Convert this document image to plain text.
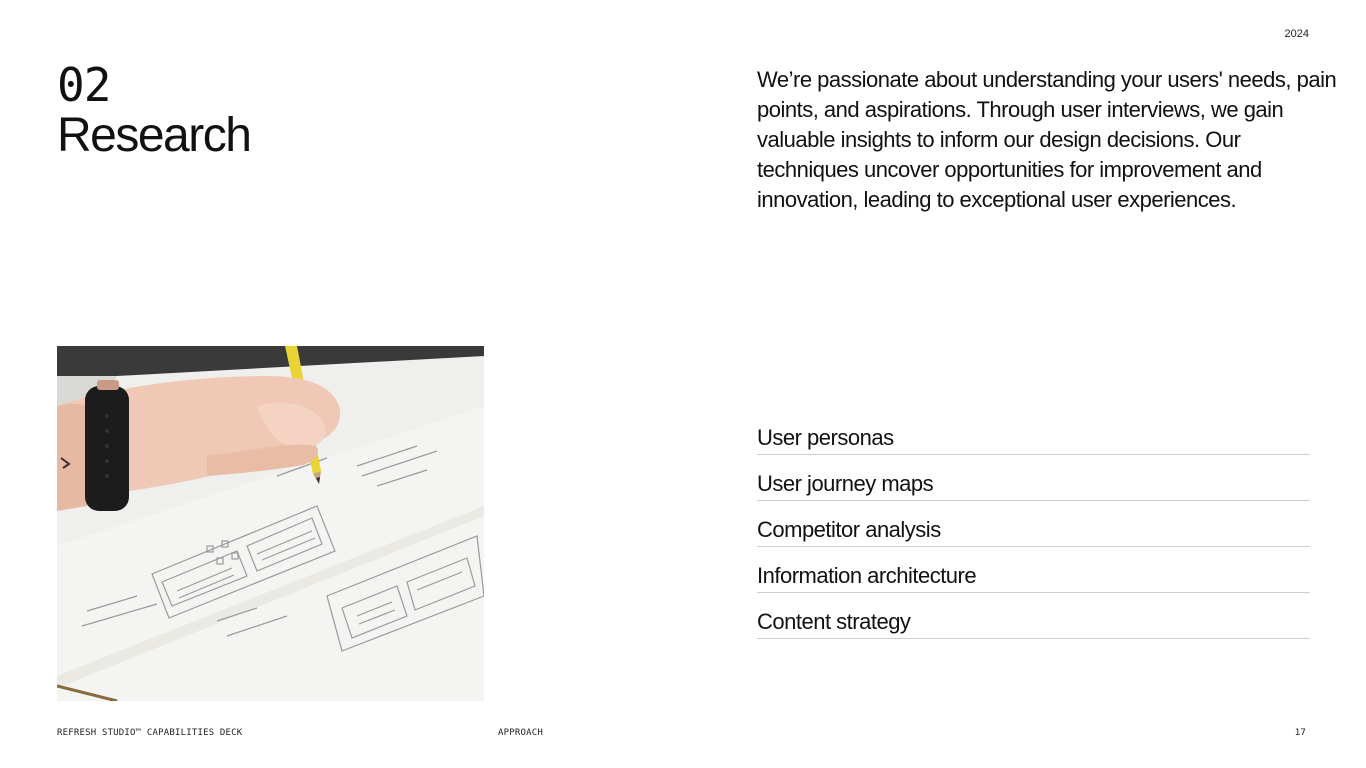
2024
02
Research

We’re passionate about understanding your users' needs, pain points, and aspirations. Through user interviews, we gain valuable insights to inform our design decisions. Our techniques uncover opportunities for improvement and innovation, leading to exceptional user experiences.

User personas
User journey maps
Competitor analysis
Information architecture
Content strategy
REFRESH STUDIO™ CAPABILITIES DECK	APPROACH	17
